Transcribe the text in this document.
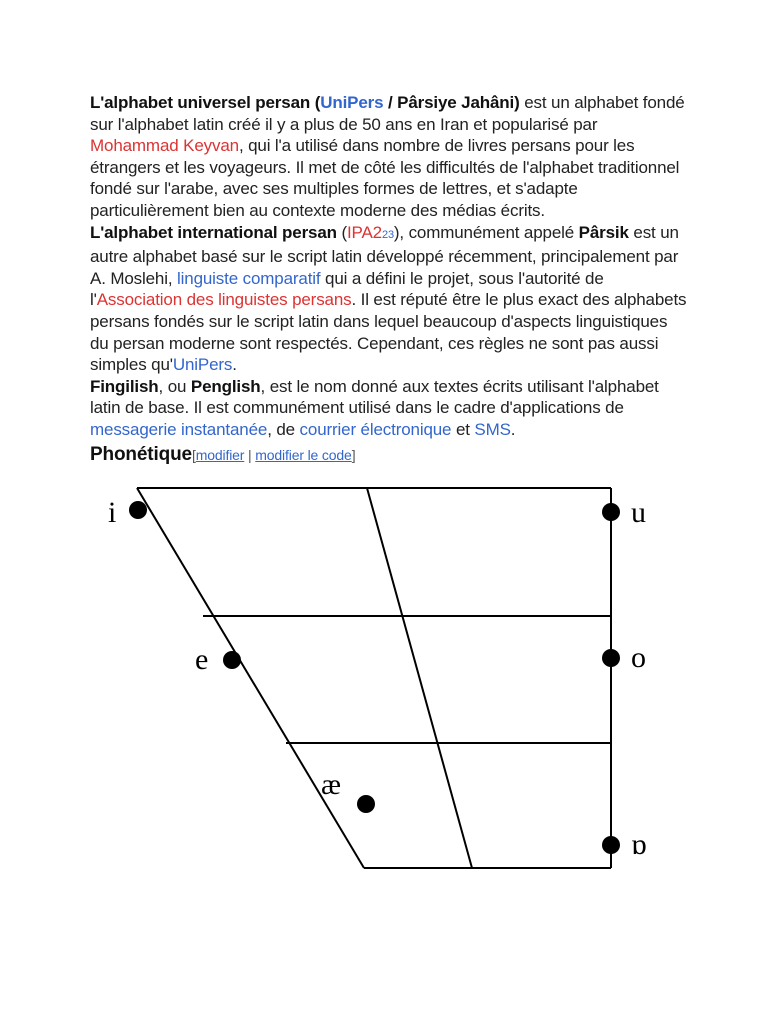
L'alphabet universel persan (UniPers / Pârsiye Jahâni) est un alphabet fondé sur l'alphabet latin créé il y a plus de 50 ans en Iran et popularisé par Mohammad Keyvan, qui l'a utilisé dans nombre de livres persans pour les étrangers et les voyageurs. Il met de côté les difficultés de l'alphabet traditionnel fondé sur l'arabe, avec ses multiples formes de lettres, et s'adapte particulièrement bien au contexte moderne des médias écrits.

L'alphabet international persan (IPA223), communément appelé Pârsik est un autre alphabet basé sur le script latin développé récemment, principalement par A. Moslehi, linguiste comparatif qui a défini le projet, sous l'autorité de l'Association des linguistes persans. Il est réputé être le plus exact des alphabets persans fondés sur le script latin dans lequel beaucoup d'aspects linguistiques du persan moderne sont respectés. Cependant, ces règles ne sont pas aussi simples qu'UniPers.

Fingilish, ou Penglish, est le nom donné aux textes écrits utilisant l'alphabet latin de base. Il est communément utilisé dans le cadre d'applications de messagerie instantanée, de courrier électronique et SMS.

Phonétique[modifier | modifier le code]
i	u
e	o
æ
ɒ
